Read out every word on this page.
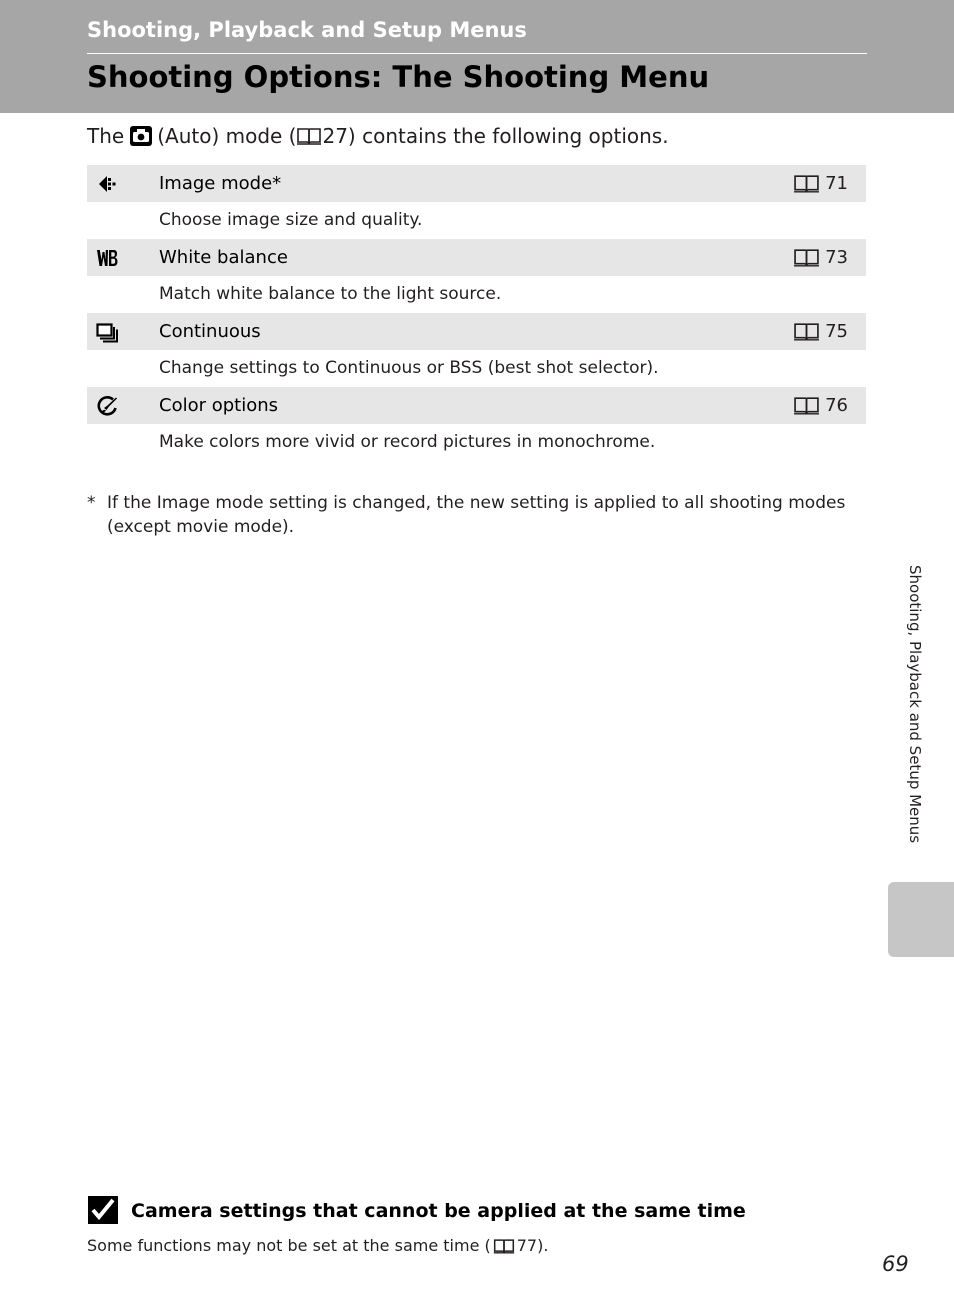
Shooting, Playback and Setup Menus
Shooting Options: The Shooting Menu

The (Auto) mode ( 27) contains the following options.

Image mode*	71
Choose image size and quality.
White balance	73
Match white balance to the light source.
Continuous	75
Change settings to Continuous or BSS (best shot selector).
Color options	76
Make colors more vivid or record pictures in monochrome.
* If the Image mode setting is changed, the new setting is applied to all shooting modes (except movie mode).
Shooting, Playback and Setup Menus
Camera settings that cannot be applied at the same time

Some functions may not be set at the same time ( 77).

69
